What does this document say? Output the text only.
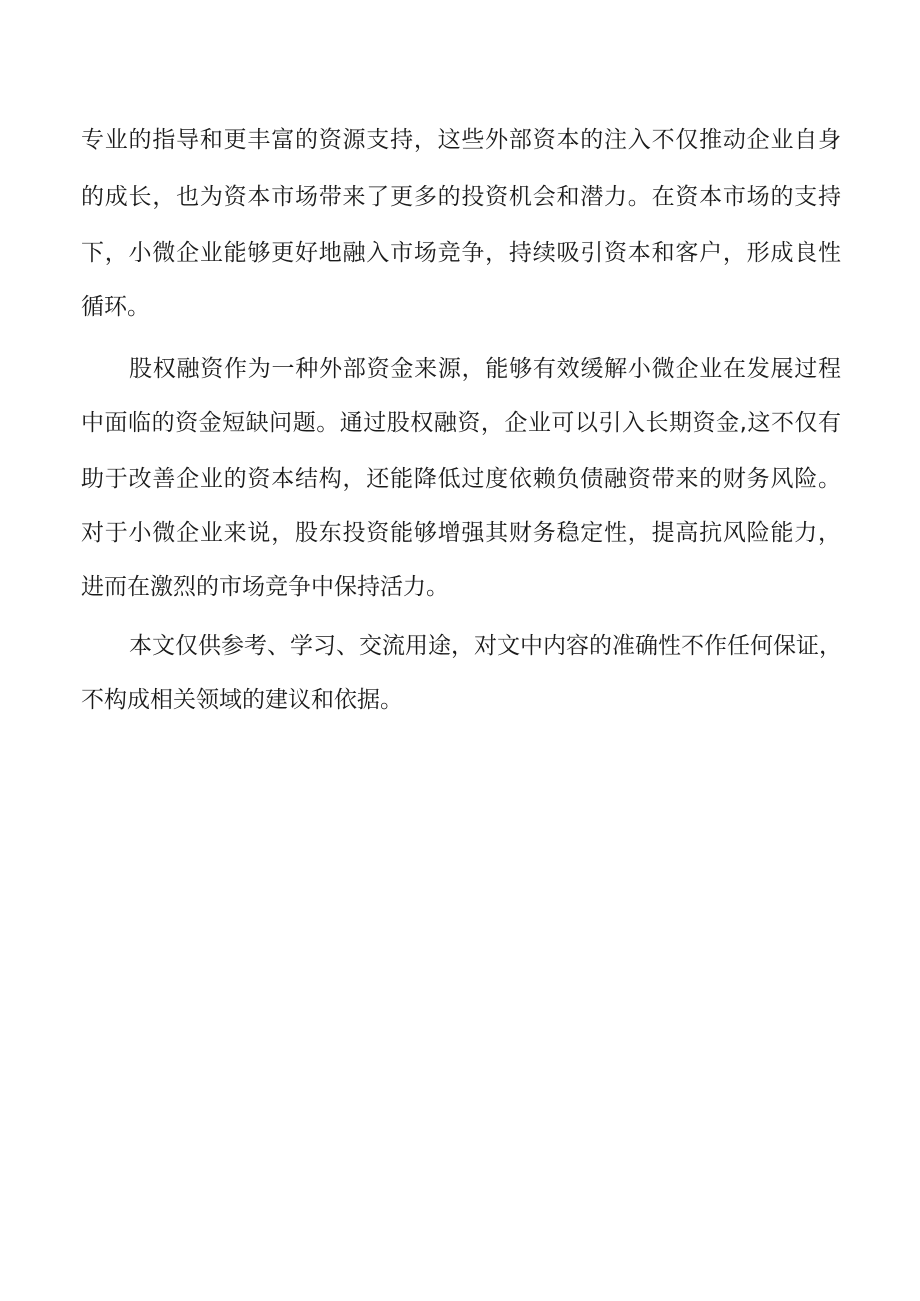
专业的指导和更丰富的资源支持，这些外部资本的注入不仅推动企业自身
的成长，也为资本市场带来了更多的投资机会和潜力。在资本市场的支持
下，小微企业能够更好地融入市场竞争，持续吸引资本和客户，形成良性
循环。
股权融资作为一种外部资金来源，能够有效缓解小微企业在发展过程
中面临的资金短缺问题。通过股权融资，企业可以引入长期资金,这不仅有
助于改善企业的资本结构，还能降低过度依赖负债融资带来的财务风险。
对于小微企业来说，股东投资能够增强其财务稳定性，提高抗风险能力，
进而在激烈的市场竞争中保持活力。
本文仅供参考、学习、交流用途，对文中内容的准确性不作任何保证，
不构成相关领域的建议和依据。
